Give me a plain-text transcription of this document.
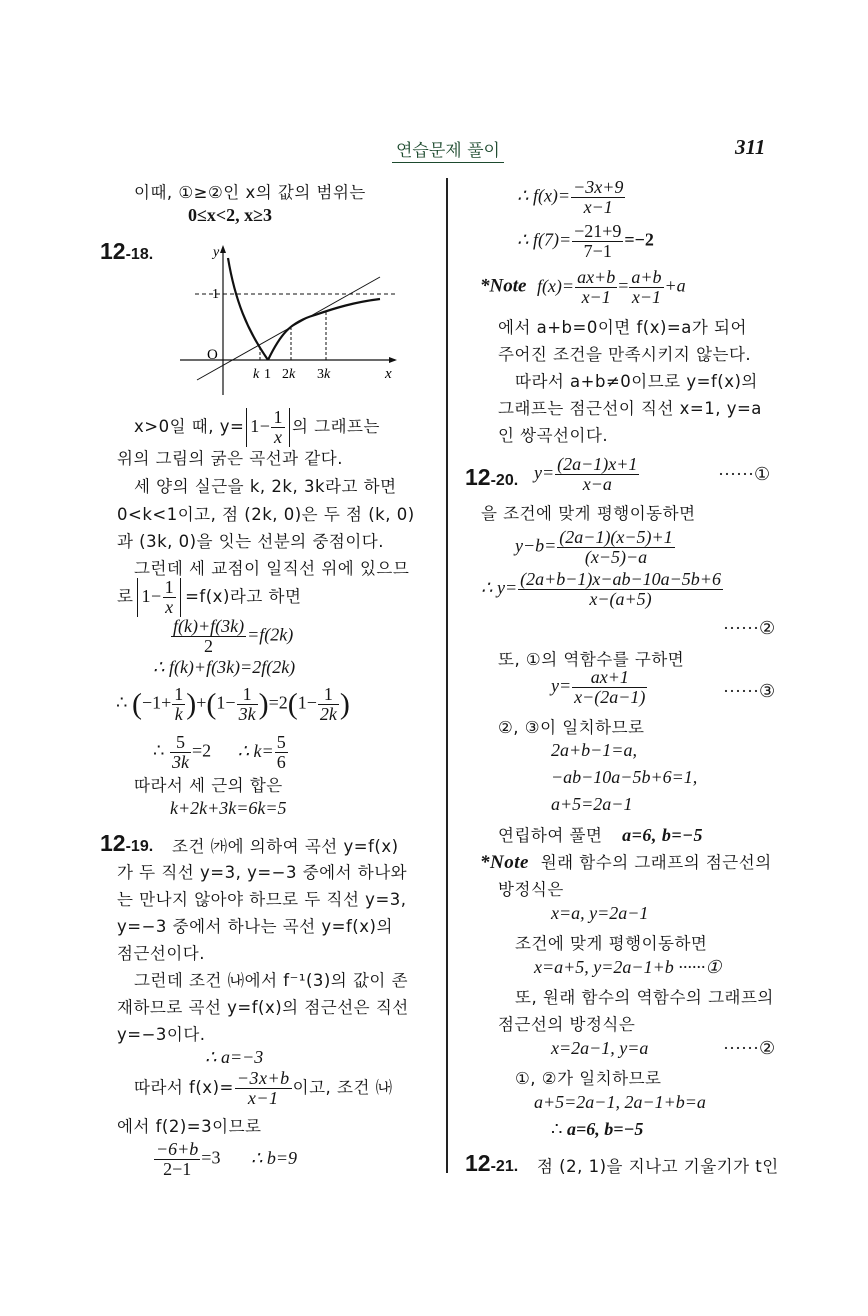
연습문제 풀이	311
이때, ①≥②인 x의 값의 범위는
0≤x<2, x≥3
12-18.	y
1
O
k 1 2k 3k	x
x>0일 때, $y= 1- \frac{1}{x}$ 의 그래프는
위의 그림의 굵은 곡선과 같다.
세 양의 실근을 k, 2k, 3k라고 하면
0<k<1이고, 점 (2k, 0)은 두 점 (k, 0)
과 (3k, 0)을 잇는 선분의 중점이다.
그런데 세 교점이 일직선 위에 있으므
로 $1- \frac{1}{x} =f(x)$라고 하면
$\frac{f(k)+f(3k)}{2} =f(2k)$
∴ f(k)+f(3k)=2f(2k)
∴ $(-1+ \frac{1}{k} )+(1- \frac{1}{3k} )=2(1- \frac{1}{2k}$ )
∴ $\frac{5}{3k} =2$ ∴ $k= \frac{5}{6}$
따라서 세 근의 합은
k+2k+3k=6k=5
12-19. 조건 ㈎에 의하여 곡선 y=f(x)
가 두 직선 y=3, y=−3 중에서 하나와
는 만나지 않아야 하므로 두 직선 y=3,
y=−3 중에서 하나는 곡선 y=f(x)의
점근선이다.
그런데 조건 ㈏에서 f⁻¹(3)의 값이 존
재하므로 곡선 y=f(x)의 점근선은 직선
y=−3이다.
∴ a=−3
따라서 $f(x)= \frac{-3x+b}{x-1}$ 이고, 조건 ㈏
에서 f(2)=3이므로
$\frac{-6+b}{2-1} =3$ ∴ b=9
∴ $f(x)= \frac{-3x+9}{x-1}$
∴ $f(7)= \frac{-21+9}{7-1} =-2$
*Note $f(x)= \frac{ax+b}{x-1} = \frac{a+b}{x-1} +a$
에서 a+b=0이면 f(x)=a가 되어
주어진 조건을 만족시키지 않는다.
따라서 a+b≠0이므로 y=f(x)의
그래프는 점근선이 직선 x=1, y=a
인 쌍곡선이다.
12-20. $y= \frac{(2a-1)x+1}{x-a}$	······①
을 조건에 맞게 평행이동하면
$y-b= \frac{(2a-1)(x-5)+1}{(x-5)-a}$
∴ $y= \frac{(2a+b-1)x-ab-10a-5b+6}{x-(a+5)}$
······②
또, ①의 역함수를 구하면
$y= \frac{ax+1}{x-(2a-1)}$	······③
②, ③이 일치하므로
2a+b−1=a,
−ab−10a−5b+6=1,
a+5=2a−1
연립하여 풀면 a=6, b=−5
*Note 원래 함수의 그래프의 점근선의
방정식은
x=a, y=2a−1
조건에 맞게 평행이동하면
x=a+5, y=2a−1+b ······①
또, 원래 함수의 역함수의 그래프의
점근선의 방정식은
x=2a−1, y=a	······②
①, ②가 일치하므로
a+5=2a−1, 2a−1+b=a
∴ a=6, b=−5
12-21. 점 (2, 1)을 지나고 기울기가 t인
